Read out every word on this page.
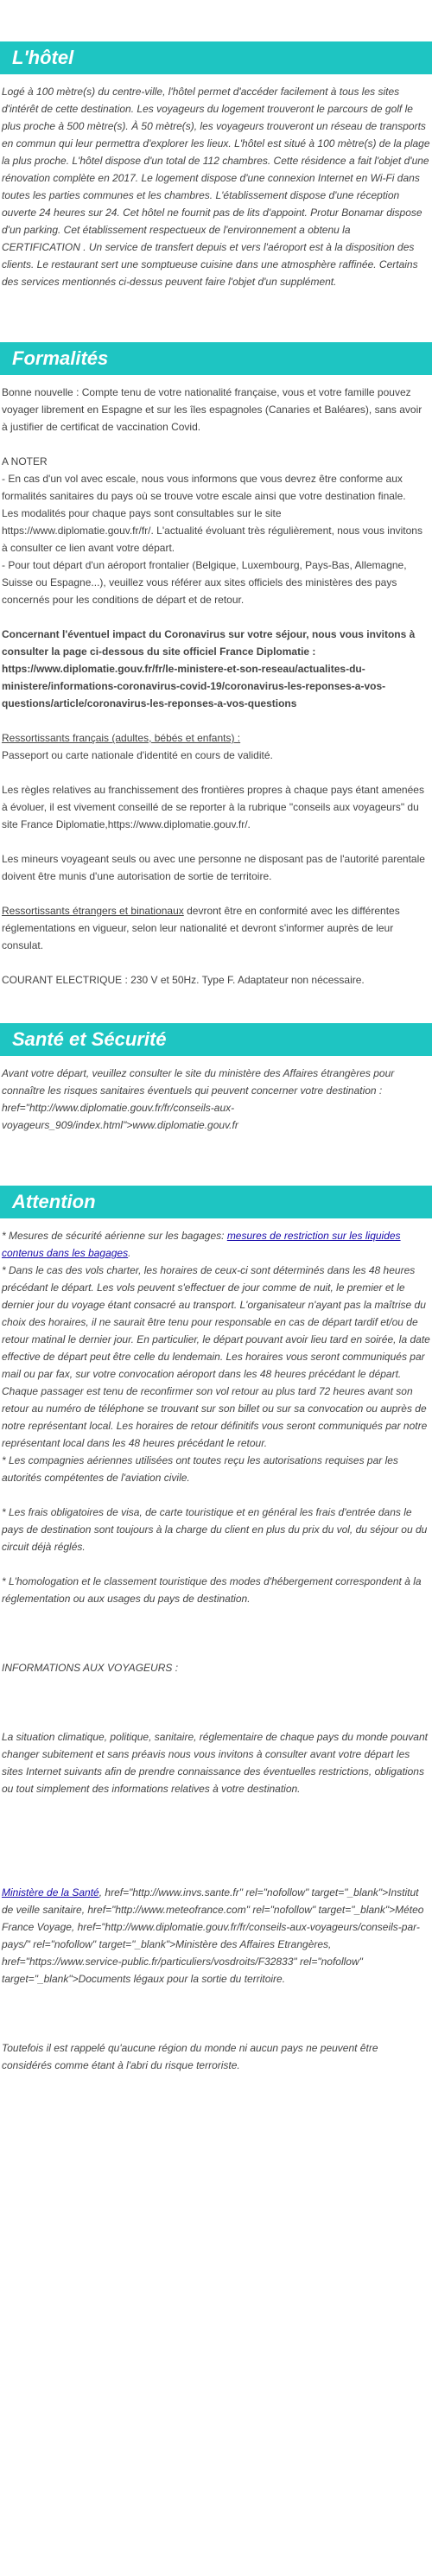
L'hôtel

Logé à 100 mètre(s) du centre-ville, l'hôtel permet d'accéder facilement à tous les sites d'intérêt de cette destination. Les voyageurs du logement trouveront le parcours de golf le plus proche à 500 mètre(s). À 50 mètre(s), les voyageurs trouveront un réseau de transports en commun qui leur permettra d'explorer les lieux. L'hôtel est situé à 100 mètre(s) de la plage la plus proche. L'hôtel dispose d'un total de 112 chambres. Cette résidence a fait l'objet d'une rénovation complète en 2017. Le logement dispose d'une connexion Internet en Wi-Fi dans toutes les parties communes et les chambres. L'établissement dispose d'une réception ouverte 24 heures sur 24. Cet hôtel ne fournit pas de lits d'appoint. Protur Bonamar dispose d'un parking. Cet établissement respectueux de l'environnement a obtenu la CERTIFICATION . Un service de transfert depuis et vers l'aéroport est à la disposition des clients. Le restaurant sert une somptueuse cuisine dans une atmosphère raffinée. Certains des services mentionnés ci-dessus peuvent faire l'objet d'un supplément.

Formalités

Bonne nouvelle : Compte tenu de votre nationalité française, vous et votre famille pouvez voyager librement en Espagne et sur les îles espagnoles (Canaries et Baléares), sans avoir à justifier de certificat de vaccination Covid.

A NOTER

- En cas d'un vol avec escale, nous vous informons que vous devrez être conforme aux formalités sanitaires du pays où se trouve votre escale ainsi que votre destination finale.

Les modalités pour chaque pays sont consultables sur le site https://www.diplomatie.gouv.fr/fr/. L'actualité évoluant très régulièrement, nous vous invitons à consulter ce lien avant votre départ.

- Pour tout départ d'un aéroport frontalier (Belgique, Luxembourg, Pays-Bas, Allemagne, Suisse ou Espagne...), veuillez vous référer aux sites officiels des ministères des pays concernés pour les conditions de départ et de retour.

Concernant l'éventuel impact du Coronavirus sur votre séjour, nous vous invitons à consulter la page ci-dessous du site officiel France Diplomatie : https://www.diplomatie.gouv.fr/fr/le-ministere-et-son-reseau/actualites-du-ministere/informations-coronavirus-covid-19/coronavirus-les-reponses-a-vos-questions/article/coronavirus-les-reponses-a-vos-questions

Ressortissants français (adultes, bébés et enfants) :

Passeport ou carte nationale d'identité en cours de validité.

Les règles relatives au franchissement des frontières propres à chaque pays étant amenées à évoluer, il est vivement conseillé de se reporter à la rubrique "conseils aux voyageurs" du site France Diplomatie,https://www.diplomatie.gouv.fr/.

Les mineurs voyageant seuls ou avec une personne ne disposant pas de l'autorité parentale doivent être munis d'une autorisation de sortie de territoire.

Ressortissants étrangers et binationaux devront être en conformité avec les différentes réglementations en vigueur, selon leur nationalité et devront s'informer auprès de leur consulat.

COURANT ELECTRIQUE : 230 V et 50Hz. Type F. Adaptateur non nécessaire.

Santé et Sécurité

Avant votre départ, veuillez consulter le site du ministère des Affaires étrangères pour connaître les risques sanitaires éventuels qui peuvent concerner votre destination : href="http://www.diplomatie.gouv.fr/fr/conseils-aux-voyageurs_909/index.html">www.diplomatie.gouv.fr

Attention

* Mesures de sécurité aérienne sur les bagages: mesures de restriction sur les liquides contenus dans les bagages.

* Dans le cas des vols charter, les horaires de ceux-ci sont déterminés dans les 48 heures précédant le départ. Les vols peuvent s'effectuer de jour comme de nuit, le premier et le dernier jour du voyage étant consacré au transport. L'organisateur n'ayant pas la maîtrise du choix des horaires, il ne saurait être tenu pour responsable en cas de départ tardif et/ou de retour matinal le dernier jour. En particulier, le départ pouvant avoir lieu tard en soirée, la date effective de départ peut être celle du lendemain. Les horaires vous seront communiqués par mail ou par fax, sur votre convocation aéroport dans les 48 heures précédant le départ. Chaque passager est tenu de reconfirmer son vol retour au plus tard 72 heures avant son retour au numéro de téléphone se trouvant sur son billet ou sur sa convocation ou auprès de notre représentant local. Les horaires de retour définitifs vous seront communiqués par notre représentant local dans les 48 heures précédant le retour.

* Les compagnies aériennes utilisées ont toutes reçu les autorisations requises par les autorités compétentes de l'aviation civile.

* Les frais obligatoires de visa, de carte touristique et en général les frais d'entrée dans le pays de destination sont toujours à la charge du client en plus du prix du vol, du séjour ou du circuit déjà réglés.

* L'homologation et le classement touristique des modes d'hébergement correspondent à la réglementation ou aux usages du pays de destination.

INFORMATIONS AUX VOYAGEURS :

La situation climatique, politique, sanitaire, réglementaire de chaque pays du monde pouvant changer subitement et sans préavis nous vous invitons à consulter avant votre départ les sites Internet suivants afin de prendre connaissance des éventuelles restrictions, obligations ou tout simplement des informations relatives à votre destination.

Ministère de la Santé, href="http://www.invs.sante.fr" rel="nofollow" target="_blank">Institut de veille sanitaire, href="http://www.meteofrance.com" rel="nofollow" target="_blank">Méteo France Voyage, href="http://www.diplomatie.gouv.fr/fr/conseils-aux-voyageurs/conseils-par-pays/" rel="nofollow" target="_blank">Ministère des Affaires Etrangères, href="https://www.service-public.fr/particuliers/vosdroits/F32833" rel="nofollow" target="_blank">Documents légaux pour la sortie du territoire.

Toutefois il est rappelé qu'aucune région du monde ni aucun pays ne peuvent être considérés comme étant à l'abri du risque terroriste.
